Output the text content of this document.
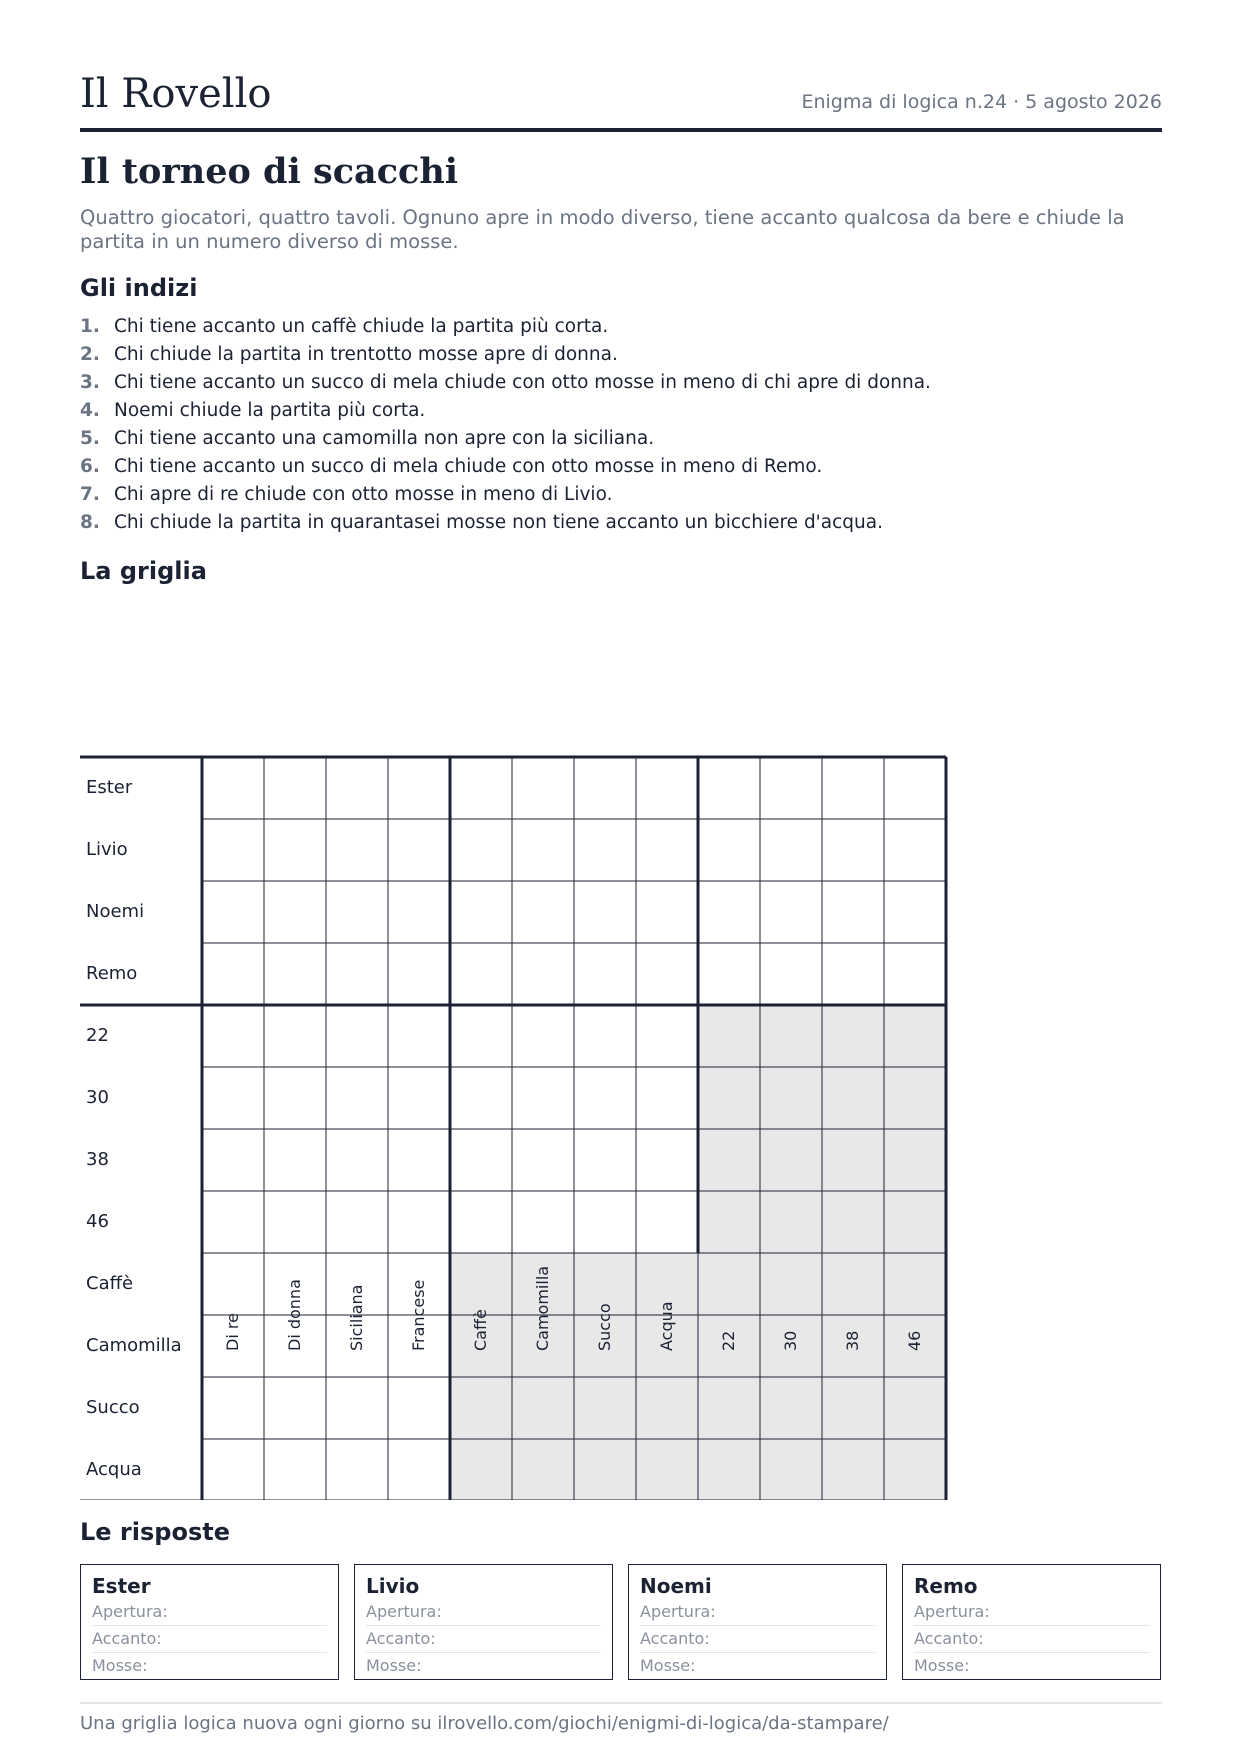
Il Rovello	Enigma di logica n.24 · 5 agosto 2026
Il torneo di scacchi

Quattro giocatori, quattro tavoli. Ognuno apre in modo diverso, tiene accanto qualcosa da bere e chiude la partita in un numero diverso di mosse.

Gli indizi
1. Chi tiene accanto un caffè chiude la partita più corta.
2. Chi chiude la partita in trentotto mosse apre di donna.
3. Chi tiene accanto un succo di mela chiude con otto mosse in meno di chi apre di donna.
4. Noemi chiude la partita più corta.
5. Chi tiene accanto una camomilla non apre con la siciliana.
6. Chi tiene accanto un succo di mela chiude con otto mosse in meno di Remo.
7. Chi apre di re chiude con otto mosse in meno di Livio.
8. Chi chiude la partita in quarantasei mosse non tiene accanto un bicchiere d'acqua.
La griglia
Di re	Di donna	Siciliana	Francese	Caffè	Camomilla	Succo	Acqua	22	30	38	46
Ester
Livio
Noemi
Remo
22
30
38
46
Caffè
Camomilla
Succo
Acqua
Le risposte
Ester
Apertura:
Accanto:
Mosse:
Livio
Apertura:
Accanto:
Mosse:
Noemi
Apertura:
Accanto:
Mosse:
Remo
Apertura:
Accanto:
Mosse:
Una griglia logica nuova ogni giorno su ilrovello.com/giochi/enigmi-di-logica/da-stampare/
